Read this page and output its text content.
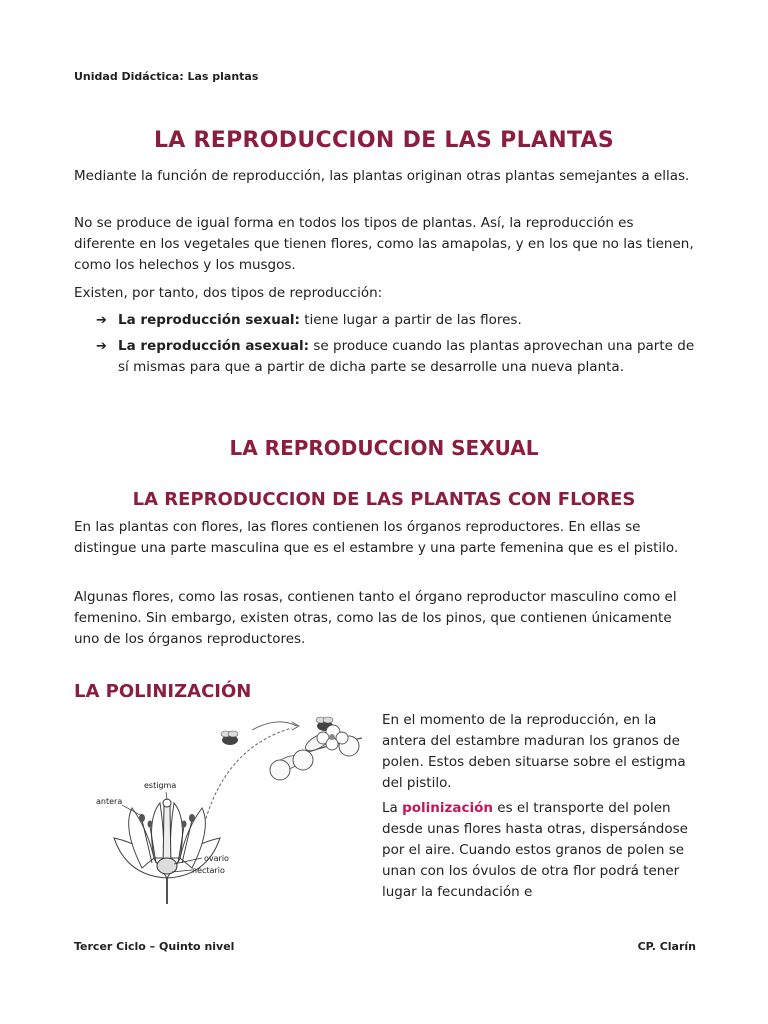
Unidad Didáctica: Las plantas
LA REPRODUCCION DE LAS PLANTAS

Mediante la función de reproducción, las plantas originan otras plantas semejantes a ellas.

No se produce de igual forma en todos los tipos de plantas. Así, la reproducción es diferente en los vegetales que tienen flores, como las amapolas, y en los que no las tienen, como los helechos y los musgos.

Existen, por tanto, dos tipos de reproducción:

➔ La reproducción sexual: tiene lugar a partir de las flores.
➔ La reproducción asexual: se produce cuando las plantas aprovechan una parte de sí mismas para que a partir de dicha parte se desarrolle una nueva planta.
LA REPRODUCCION SEXUAL
LA REPRODUCCION DE LAS PLANTAS CON FLORES

En las plantas con flores, las flores contienen los órganos reproductores. En ellas se distingue una parte masculina que es el estambre y una parte femenina que es el pistilo.

Algunas flores, como las rosas, contienen tanto el órgano reproductor masculino como el femenino. Sin embargo, existen otras, como las de los pinos, que contienen únicamente uno de los órganos reproductores.

LA POLINIZACIÓN
estigma
antera
ovario
nectario

En el momento de la reproducción, en la antera del estambre maduran los granos de polen. Estos deben situarse sobre el estigma del pistilo.

La polinización es el transporte del polen desde unas flores hasta otras, dispersándose por el aire. Cuando estos granos de polen se unan con los óvulos de otra flor podrá tener lugar la fecundación e

Tercer Ciclo – Quinto nivel	CP. Clarín
